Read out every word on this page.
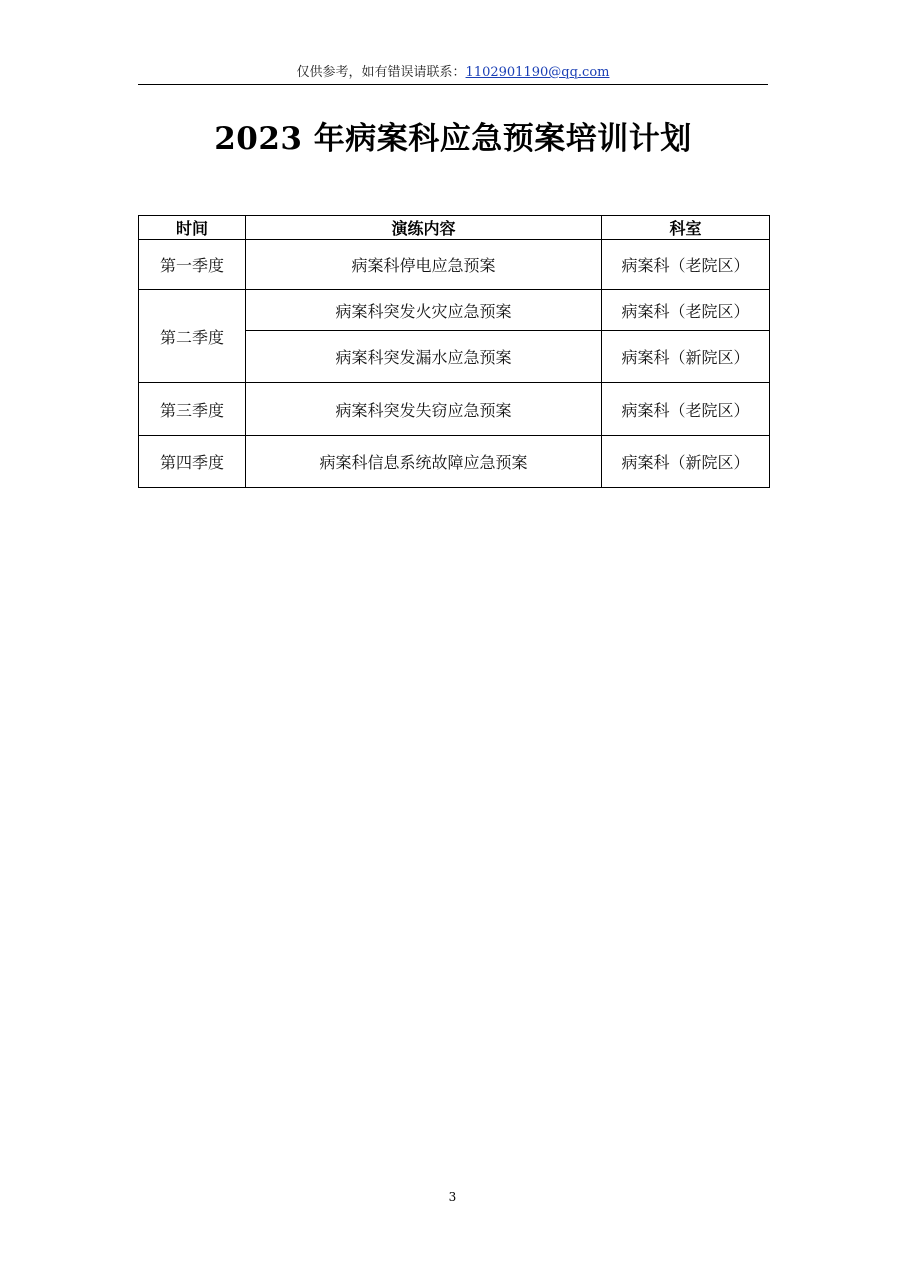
仅供参考，如有错误请联系：1102901190@qq.com
2023 年病案科应急预案培训计划
时间	演练内容	科室
第一季度	病案科停电应急预案	病案科（老院区）
第二季度	病案科突发火灾应急预案	病案科（老院区）
	病案科突发漏水应急预案	病案科（新院区）
第三季度	病案科突发失窃应急预案	病案科（老院区）
第四季度	病案科信息系统故障应急预案	病案科（新院区）
3
